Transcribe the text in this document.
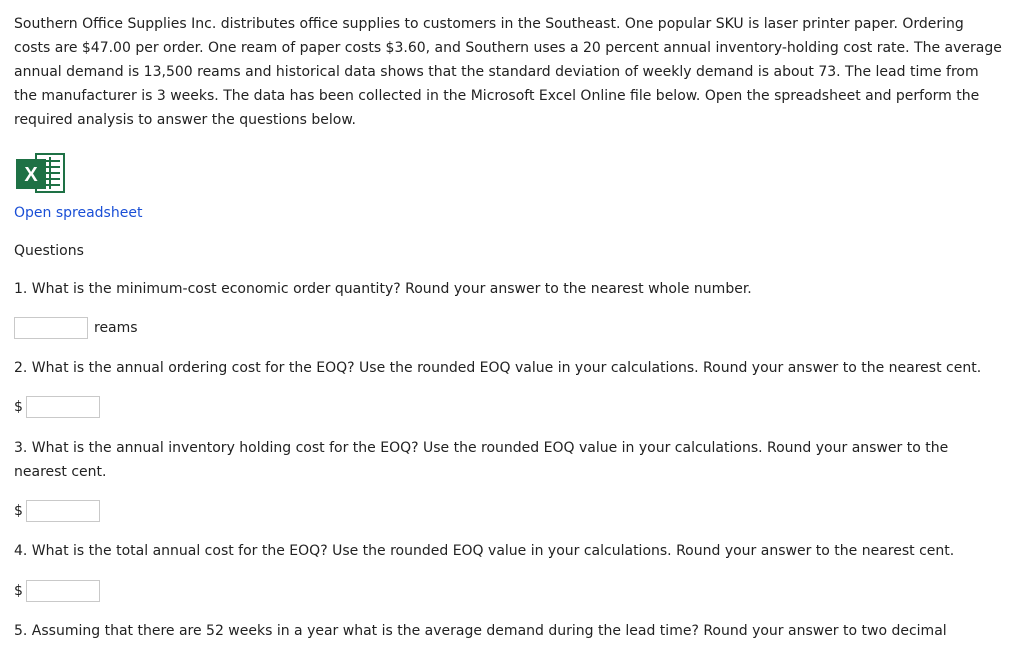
Southern Office Supplies Inc. distributes office supplies to customers in the Southeast. One popular SKU is laser printer paper. Ordering costs are $47.00 per order. One ream of paper costs $3.60, and Southern uses a 20 percent annual inventory-holding cost rate. The average annual demand is 13,500 reams and historical data shows that the standard deviation of weekly demand is about 73. The lead time from the manufacturer is 3 weeks. The data has been collected in the Microsoft Excel Online file below. Open the spreadsheet and perform the required analysis to answer the questions below.

X
Open spreadsheet
Questions
1. What is the minimum-cost economic order quantity? Round your answer to the nearest whole number.
reams
2. What is the annual ordering cost for the EOQ? Use the rounded EOQ value in your calculations. Round your answer to the nearest cent.
$
3. What is the annual inventory holding cost for the EOQ? Use the rounded EOQ value in your calculations. Round your answer to the nearest cent.
$
4. What is the total annual cost for the EOQ? Use the rounded EOQ value in your calculations. Round your answer to the nearest cent.
$
5. Assuming that there are 52 weeks in a year what is the average demand during the lead time? Round your answer to two decimal
